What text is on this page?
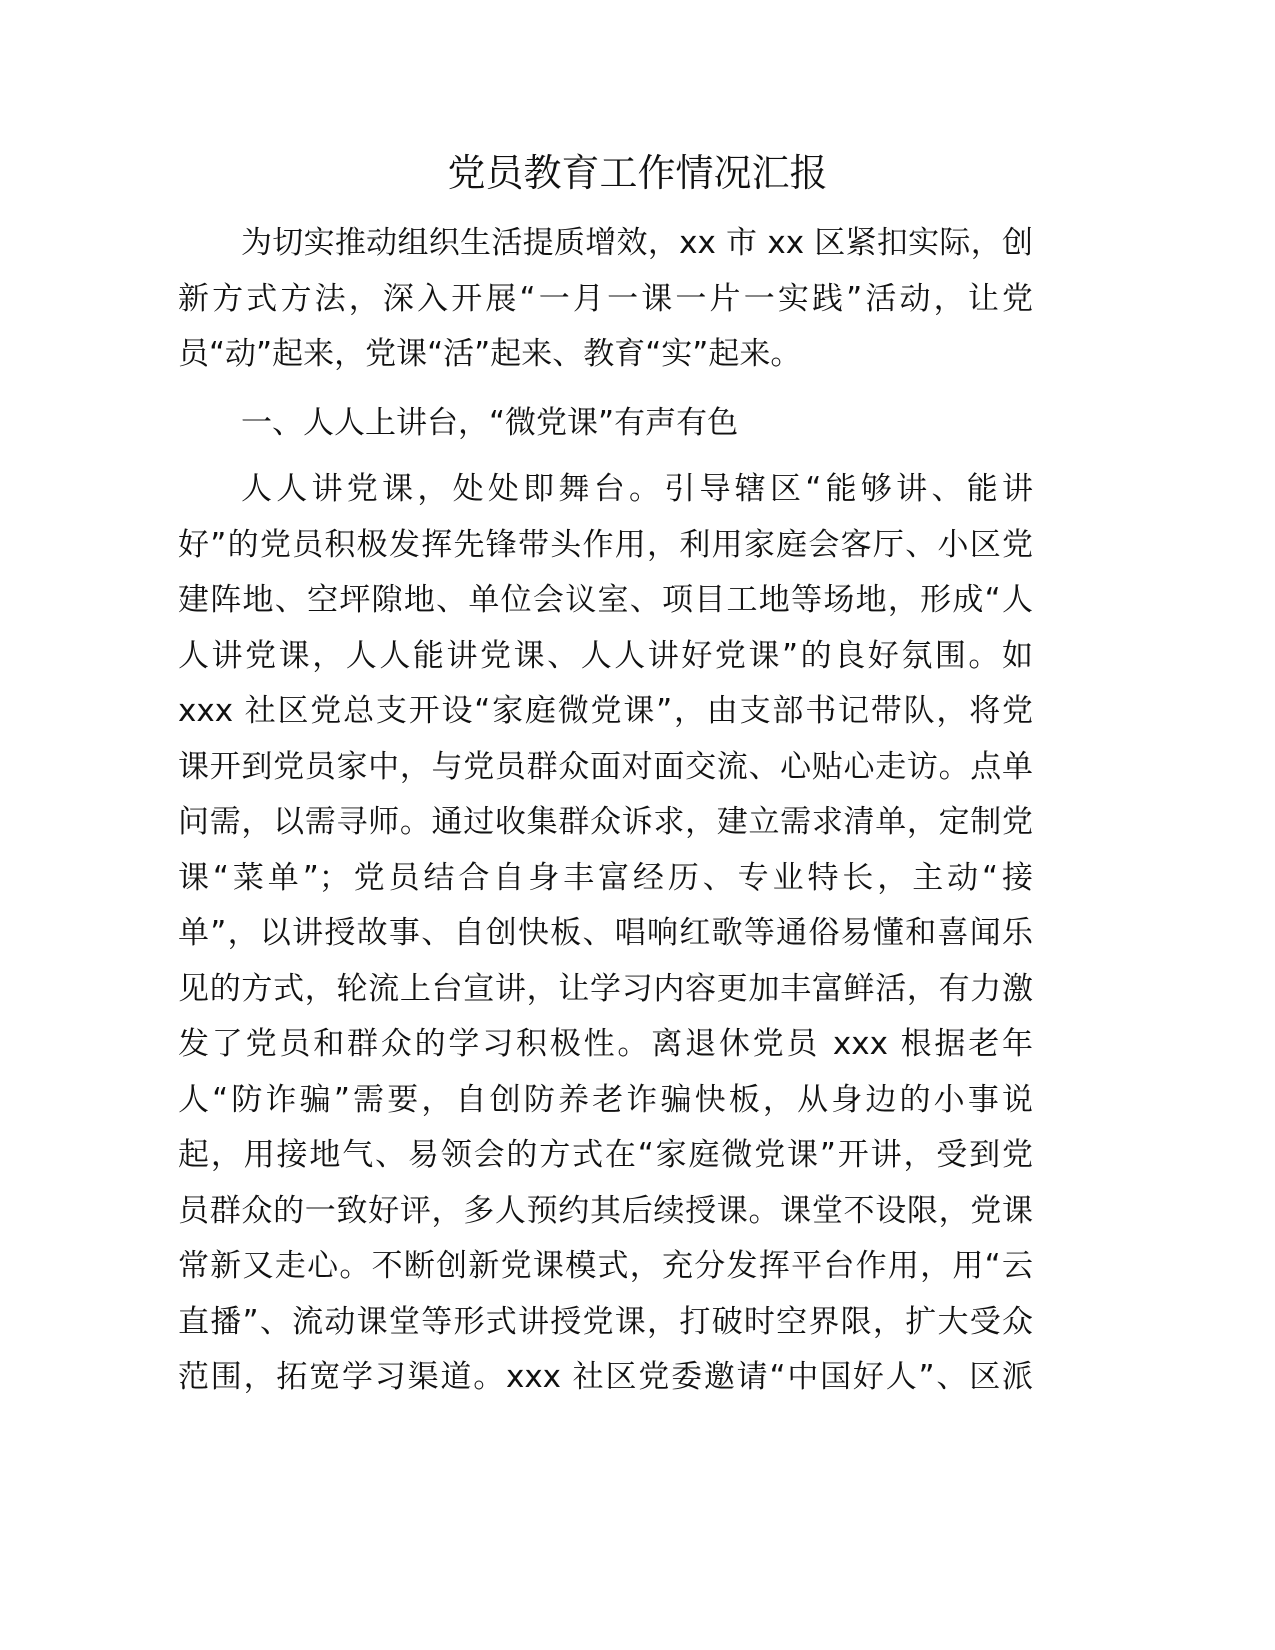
党员教育工作情况汇报
为切实推动组织生活提质增效，xx 市 xx 区紧扣实际，创
新方式方法，深入开展“一月一课一片一实践”活动，让党
员“动”起来，党课“活”起来、教育“实”起来。
一、人人上讲台，“微党课”有声有色
人人讲党课，处处即舞台。引导辖区“能够讲、能讲
好”的党员积极发挥先锋带头作用，利用家庭会客厅、小区党
建阵地、空坪隙地、单位会议室、项目工地等场地，形成“人
人讲党课，人人能讲党课、人人讲好党课”的良好氛围。如
xxx 社区党总支开设“家庭微党课”，由支部书记带队，将党
课开到党员家中，与党员群众面对面交流、心贴心走访。点单
问需，以需寻师。通过收集群众诉求，建立需求清单，定制党
课“菜单”；党员结合自身丰富经历、专业特长，主动“接
单”，以讲授故事、自创快板、唱响红歌等通俗易懂和喜闻乐
见的方式，轮流上台宣讲，让学习内容更加丰富鲜活，有力激
发了党员和群众的学习积极性。离退休党员 xxx 根据老年
人“防诈骗”需要，自创防养老诈骗快板，从身边的小事说
起，用接地气、易领会的方式在“家庭微党课”开讲，受到党
员群众的一致好评，多人预约其后续授课。课堂不设限，党课
常新又走心。不断创新党课模式，充分发挥平台作用，用“云
直播”、流动课堂等形式讲授党课，打破时空界限，扩大受众
范围，拓宽学习渠道。xxx 社区党委邀请“中国好人”、区派
